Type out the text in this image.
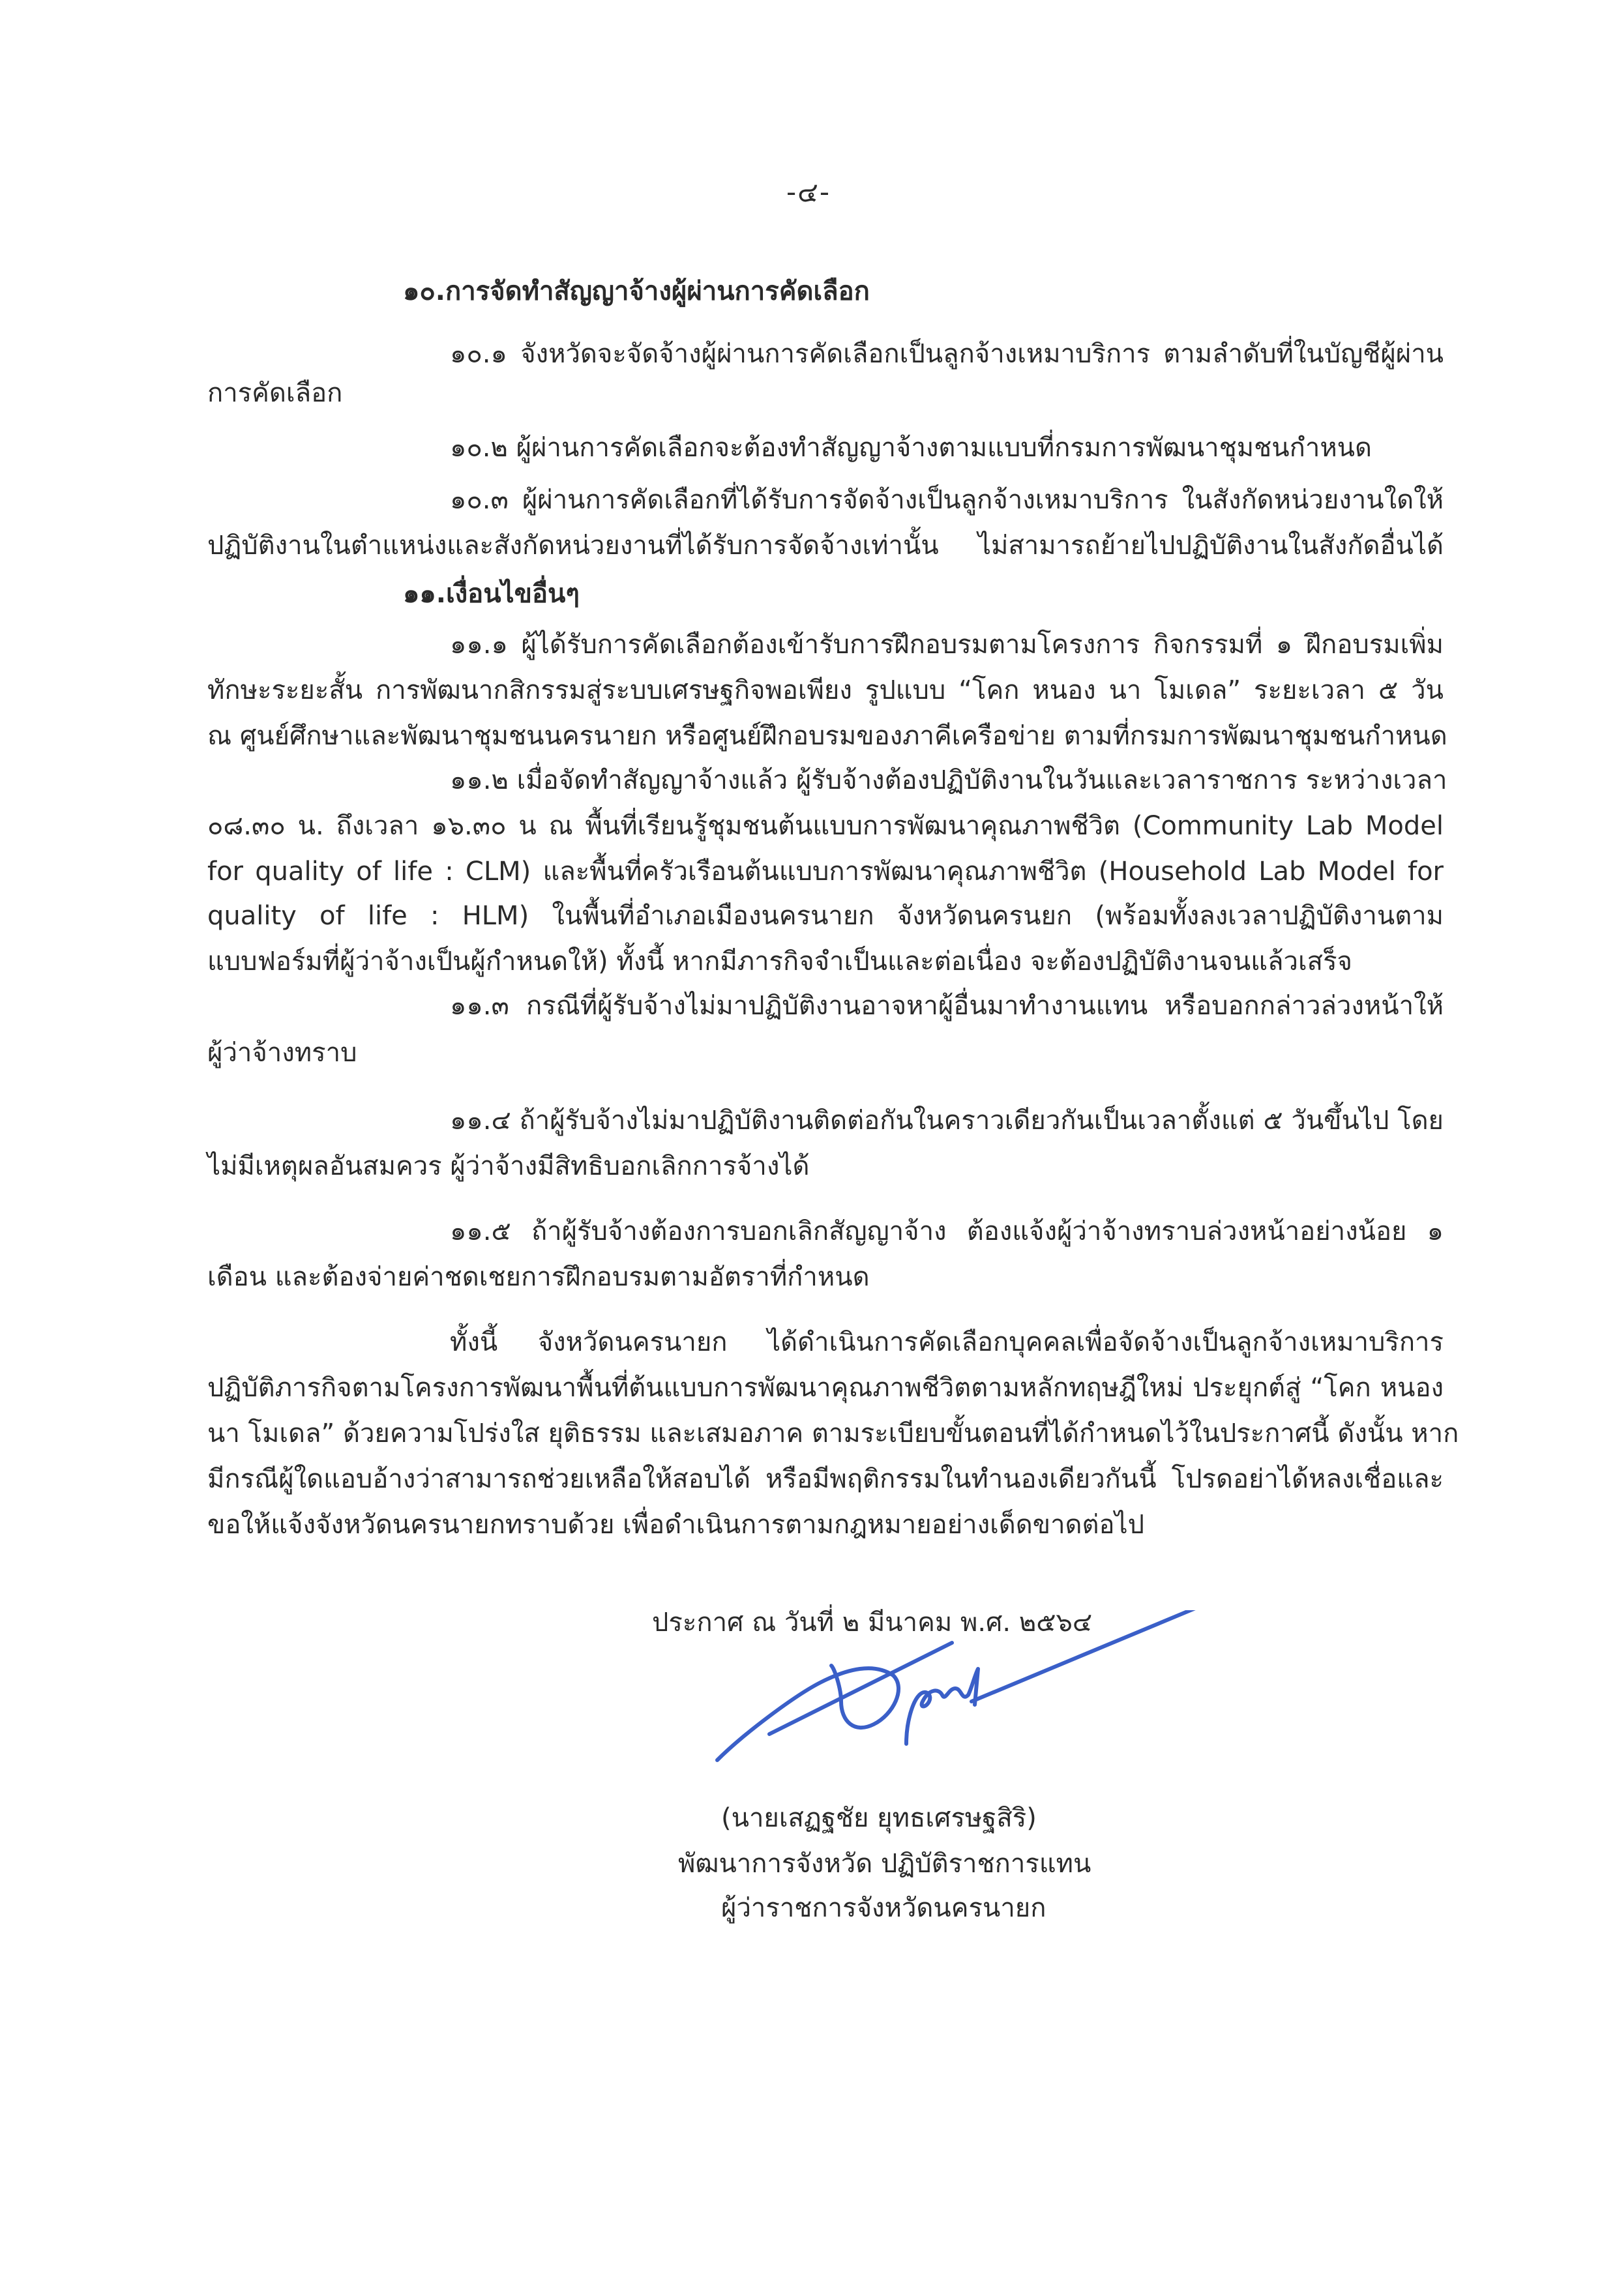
-๔-
๑๐.การจัดทำสัญญาจ้างผู้ผ่านการคัดเลือก
๑๐.๑ จังหวัดจะจัดจ้างผู้ผ่านการคัดเลือกเป็นลูกจ้างเหมาบริการ ตามลำดับที่ในบัญชีผู้ผ่าน
การคัดเลือก
๑๐.๒ ผู้ผ่านการคัดเลือกจะต้องทำสัญญาจ้างตามแบบที่กรมการพัฒนาชุมชนกำหนด
๑๐.๓ ผู้ผ่านการคัดเลือกที่ได้รับการจัดจ้างเป็นลูกจ้างเหมาบริการ ในสังกัดหน่วยงานใดให้
ปฏิบัติงานในตำแหน่งและสังกัดหน่วยงานที่ได้รับการจัดจ้างเท่านั้น ไม่สามารถย้ายไปปฏิบัติงานในสังกัดอื่นได้
๑๑.เงื่อนไขอื่นๆ
๑๑.๑ ผู้ได้รับการคัดเลือกต้องเข้ารับการฝึกอบรมตามโครงการ กิจกรรมที่ ๑ ฝึกอบรมเพิ่ม
ทักษะระยะสั้น การพัฒนากสิกรรมสู่ระบบเศรษฐกิจพอเพียง รูปแบบ “โคก หนอง นา โมเดล” ระยะเวลา ๕ วัน
ณ ศูนย์ศึกษาและพัฒนาชุมชนนครนายก หรือศูนย์ฝึกอบรมของภาคีเครือข่าย ตามที่กรมการพัฒนาชุมชนกำหนด
๑๑.๒ เมื่อจัดทำสัญญาจ้างแล้ว ผู้รับจ้างต้องปฏิบัติงานในวันและเวลาราชการ ระหว่างเวลา
๐๘.๓๐ น. ถึงเวลา ๑๖.๓๐ น ณ พื้นที่เรียนรู้ชุมชนต้นแบบการพัฒนาคุณภาพชีวิต (Community Lab Model
for quality of life : CLM) และพื้นที่ครัวเรือนต้นแบบการพัฒนาคุณภาพชีวิต (Household Lab Model for
quality of life : HLM) ในพื้นที่อำเภอเมืองนครนายก จังหวัดนครนยก (พร้อมทั้งลงเวลาปฏิบัติงานตาม
แบบฟอร์มที่ผู้ว่าจ้างเป็นผู้กำหนดให้) ทั้งนี้ หากมีภารกิจจำเป็นและต่อเนื่อง จะต้องปฏิบัติงานจนแล้วเสร็จ
๑๑.๓ กรณีที่ผู้รับจ้างไม่มาปฏิบัติงานอาจหาผู้อื่นมาทำงานแทน หรือบอกกล่าวล่วงหน้าให้
ผู้ว่าจ้างทราบ
๑๑.๔ ถ้าผู้รับจ้างไม่มาปฏิบัติงานติดต่อกันในคราวเดียวกันเป็นเวลาตั้งแต่ ๕ วันขึ้นไป โดย
ไม่มีเหตุผลอันสมควร ผู้ว่าจ้างมีสิทธิบอกเลิกการจ้างได้
๑๑.๕ ถ้าผู้รับจ้างต้องการบอกเลิกสัญญาจ้าง ต้องแจ้งผู้ว่าจ้างทราบล่วงหน้าอย่างน้อย ๑
เดือน และต้องจ่ายค่าชดเชยการฝึกอบรมตามอัตราที่กำหนด
ทั้งนี้ จังหวัดนครนายก ได้ดำเนินการคัดเลือกบุคคลเพื่อจัดจ้างเป็นลูกจ้างเหมาบริการ
ปฏิบัติภารกิจตามโครงการพัฒนาพื้นที่ต้นแบบการพัฒนาคุณภาพชีวิตตามหลักทฤษฎีใหม่ ประยุกต์สู่ “โคก หนอง
นา โมเดล” ด้วยความโปร่งใส ยุติธรรม และเสมอภาค ตามระเบียบขั้นตอนที่ได้กำหนดไว้ในประกาศนี้ ดังนั้น หาก
มีกรณีผู้ใดแอบอ้างว่าสามารถช่วยเหลือให้สอบได้ หรือมีพฤติกรรมในทำนองเดียวกันนี้ โปรดอย่าได้หลงเชื่อและ
ขอให้แจ้งจังหวัดนครนายกทราบด้วย เพื่อดำเนินการตามกฎหมายอย่างเด็ดขาดต่อไป
ประกาศ ณ วันที่ ๒ มีนาคม พ.ศ. ๒๕๖๔
(นายเสฏฐชัย ยุทธเศรษฐสิริ)
พัฒนาการจังหวัด ปฏิบัติราชการแทน
ผู้ว่าราชการจังหวัดนครนายก
